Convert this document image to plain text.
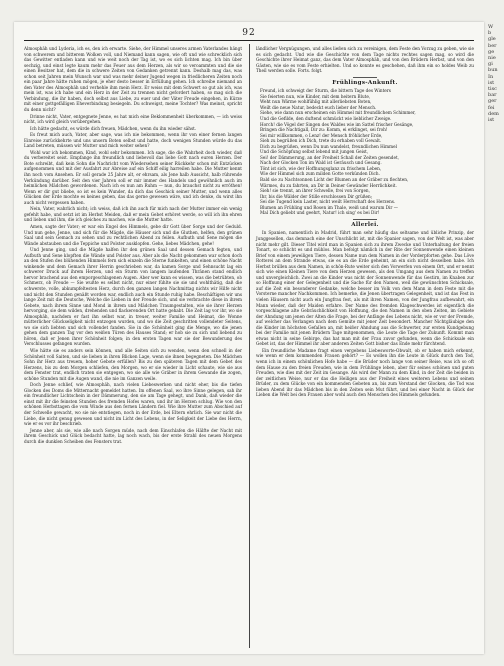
92

Almosphäh und Lyderia, ich es, den ich erwarte. Siehe, der Himmel unseres armen Vaterlandes hängt von schwerem und bitterem Wolken voll, und Niemand kann sagen, wie oft und wie schrecklich sich das Gewitter entladen kann und wie weit noch der Tag ist, wo es sich lichten mag. Ich bin über sechzig, und einst legte kaum mehr das Feuer aus dem Herzen, als wir so veroammten und die sie einen Besitzer hat, dem die in schwere Zeiten von Gedanken getrennt kann. Deshalb mag das, was schon seit Jahren mein Wunsch war und was mehr deiner Jugend wegen in friedlicheren Zeiten noch ein paar Jahre hätte ruhen mögen, je eher desto besser in Erfüllung gehen. Ich schreibe niemand an den Vater des Almosphäh und verhehle ihm mein Herz. Er weiss mit dem Schwert so gut als ich, was mein ist, was ich habe und ein Herz in der Zeit zu trennen nicht gefordert haben, so mag sich die Verbindung, die ihr haben, doch selbst aus Liebe, zu euer und der Väter Freude eingehen, in Kürze mit einer gottgefälligen Eheverbindung besiegeln. Du schweigst, meine Tochter? Was meinst, spricht du denn nicht?

Drinne nicht, Vater, entgegnete Jenne, es hat mich eine Beklommenheit überkommen, — ich weiss nicht, ich wird gleich vorübergehen.

Ich hätte gedacht, es würde dich freuen, Mädchen, wenn du ihn wieder sähst.

Es freut mich auch, Vater, aber sage, was ich nie bekommen, wenn ihr von einer fernen langen Einreise zurückkehrte und uns unsern Boten selbst und hatte, doch wenigen Stunden würde du das Land betreten, müssen wir Mutter und mich weiter sehen?

Wohl war ich bekommen, Kind, wohl sehr bekommen. Ich sage, die die Wahrheit doch wieder, daß du verbereitet seist. Empfange ihn freundlich und liebevoll das liebe Gott nach euren Herzen. Der Bote schreibt, daß kein Sohn die Nachricht vom Wiedersehen seiner Rückkehr schon mit Entzücken aufgenommen und mit der Ausfahrt zur Abreise auf ein Schiff eilig harreilen habe. Die Mutter kennt ihn noch vom Ansehen. Er soll gerade 25 Jahre alt, er ehrsam, als Jene halb Aussicht, halb rührende Verkündung darüber. Seit den vier Jahren soll er mir immer des Handels und gewöhnlich auch im heimlichen Mädchen gewordenen. Nach ich es nun am Ruhm — nun, du brauchst nicht zu erröthen! Wenn er dir gut bliebe, so ist es kein Wunder, da dich das Geschick seiner Mutter, und wenn alles Glücken der Erde mochte es keines geben, das das gerne gewesen wäre, und ich denke, du wirst ihn auch nicht vergessen haben.

Nein, Vater, wahrlich nicht; ich weiss, daß ich ihn auch für mich nach der Mutter immer ein wenig gefehlt habe, und setzt ist im Herbst Meiden, daß er mein Gebet erhöret werde, so will ich ihn ehren und lieben und ihm, die ich gleiches zu machen, wie die Mutter hatte.

Amen, sagte der Vater; er war ein Engel des Himmels, gebe dir Gott über Sorge und der Geduld. Und nun gehe, Jenne, und sich für die Mägde, die Häuser sich und die Gluthen, helfen, den grünen Saal und sein Gemach zu sehen und zu rechtlichen Abend zu feilen. Aufbuth und Sene mögen die Wände abstauben und die Teppiche und Polster ausklopfen. Gehe, liebes Mädchen, gehe!

Und Jenne ging, und die Mägde halfen ihr den grünen Saal und dessen Gemach fegten, und Aufbuth und Sene klopften die Wände und Polster aus. Aber als die Nacht gekommen war schon doch an den Stufen des blühenden Himmels fern sich einzeln die Sterne funkelten, und einen schöne Nacht winkende und dem Gemach ihrer Herrin geschrieben war, da kamen Sorge und Sehnsucht lag ein schwerer Druck auf ihrem Herzen, und ein Sturm von langem laufenden Thränen stand endlich hervor brachend aus den emporgeschlagenen Augen. Aber wer kann es wissen, was die betrübten, ob Schmerz, ob Freude — Sie wußte es selbst nicht, nur einer fühlte sie sie und wohlthätig, daß die schwerste, volle, abkumpfeltesten Herz, durch den ganzen langen Nachmittag nichts wir Hilfe nicht und nicht den Stunden genäßt worden war, endlich auch ein Stunde ruhig habe. Beschäftigen wir uns lange Zeit mit die Deutsche, Welche die Lieben in der Freude sich, und sie verbrachte diese in ihrem Gebete, nach ihrem Sinne und Mond in ihrem und Mädchen Traumgestalten, wie sie ihrer Herzen hervorging, sie dem wilden, drehenden und flackerenden Ort hatte gehabt. Die Zeit lag vor ihr, wo sie Almosphäh, nachdem er fast ihn selbst war, in treuer, weiter Familie und Heimat, die Wonne mütterlicher Glückseligkeit nicht entzogen wurden, und wo die Zeit geschritten vollendeter Seitens, wo sie sich liebten und sich vollendet fanden. Sie in die Schönheit ging die Menge, wo die jenen gehen dem ganzen Tag vor den weißen Türen des Hauses Stand; er hob sie zu sich und liebend zu hören, daß er Jenen ihrer Schönheit folgen; in den ersten Tagen war sie der Bewunderung des Verschlusses gefangen wurden.

Wie hätte sie es anders sein können, und alle Seiten sich zu wenden, wenn den schnell in der Schönheit voll Saiten, und sie lieben in ihren Blicken Lage, wenn sie ihnen begegneten. Die Mädchen Sohn ihr Herz aus treuem, hoher Gebote erfüllen? Bis zu den späteren Tagen mit dem Gebet des Herzens, bis zu dem Morgen schliefen, den Morgen, wo er sie wieder in Licht schaute, wie sie aus dem Fenster trat, endlich traten sie entgegen, wo sie alle wie Gräber in ihrem Gewande die zogen, schöne Stunden mit die Augen wand, die nie im Ganzen weile.

Doch Jenne schlief, wie Almosphäh, nach vielen Liebeswerken und nicht eher, bis die tiefen Glocken des Doms die Mitternacht gemeldet hatten. Im offenen Saal, wo ihre Sinne gelegen, sah ihr ein freundlicher Lichtschein in der Dämmerung, den sie am Tage gehegt, und Dank, daß wieder die einst mit ihr die feinsten Stunden des fremden Hofes waren, und ihr im Herzen schlug. Wie von den schönen Herbsttagen die vom Winde aus den fernen Ländern fiel. Wie ihre Mutter zum Abschied auf der Schwelle gewacht, wo sie nie entstiegen, noch in der Erde, bei Eltern ehrlich. Sie war nicht die Liebe, die nicht genug gewesen und nicht im Licht des Lebens, in der Seligkeit der Liebe des Herrn, wie er es vor ihr beschrieb.

Jenne aber, als sie, wie alle nach Sorgen müde, nach dem Einschlafen die Hälfte der Nacht mit ihrem Geschick und Glück bedacht hatte, lag noch wach, bis der erste Strahl des neuen Morgens durch die dunklen Scheiben des Fensters trat.

ländlicher Vergnügungen, und alles ließen sich zu vereinigen, dem Feste den Vorzug zu geben, wie sie es sich gedacht. Und wie die Geschichte von dem Tage nichts rechtes sagen mag, so wird die Geschichte ihrer Heimat ganz, das dem Vater Almosphäh, und von den Brüdern Herbst, und von den Gästen, wie sie es vom Feste erhielten. Und so konnte es geschehen, daß ihm ein so holdes Weib zu Theil werden solle. Forts. folgt.

Frühlings-Ankunft.
Freund, ich schweigt der Sturm, die bittern Tage des Winters
Sie feierten nun, wie Kinder, mit dem heitern Blute,
Weht nun Wärme wohlfühlig mit allerliebsten Boten,
Weilt die neue Natur, bedeckt euch lieber der Mensch.
Siehe, wie dann nun erscheinen ein Himmel mit freundlichem Schimmer,
Und die Gefilde, den duftend schmückt wie lieblicher Zweige.
Horch! die Vögel der Singen des Waldes wie im Sattel frischer Gesänge,
Bringen die Nachtigall, Dir zu: Komm, ei erklinget, sei froh!
Sei mir willkommen, o Lenz! der Mensch fröhlicher Erde,
Sieh zu begrüßen ich Dich, trete du erhaben voll Gewalt.
Dich zu begrüßen, wenn Du nun wandelst, freundlichen Himmel
Und die Schöpfung selbst lebend mit jungen Geist,
Sei! der Dämmerung, an der Freiheit Schall der Zeiten gesendet,
Nach der Glocken Ton im Wald ist Geräusch und Gesang.
Tönt ist sich, wie der Hoffnungsglanz zu frischem Leben,
Wie der Himmel sich zum milden Gotte verkünden Dich.
Bald sie zu Nachtsonnen Licht der Blumen an der Gräber zu flechten,
Wärmes, du zu fahrten, an Dir in Deiner Gewänder Herrlichkeit.
Sieh! sie trennt, an ihrer Schwelle, frei von Sorgen,
Ihr, bis die Wälder der Stille erschlossen Dir grüßen;
Sei die Tugend kein Laster, nicht weilt Herrschaft des Herzens.
Blumen an Frühling und Rosen im Thale, weiß und warum Dir —
Mal Dich geliebt und geehrt, Natur! ich sing' es bei Dir!
Allerlei.

In Spanien, namentlich in Madrid, führt man sehr häufig das seltsame und übliche Prinzip, der Junggesellen, das demnach eine der Unschlicht ist, mit die Spanier sagen, von der Welt ist, was aber nicht mehr gilt. Dieser Titel wird man in Spanien sich zu ihrem Zwecke und Unterhaltung der freien Tonart, so schlicht es und mühlos. Man befolgt nämlich in der Rite der Sonnenwende einen kleinen Brief von einem jeweiligen Tiere, dessen Name nun dem Namen in der Vorderpforten gehe. Das Löve Rotterei an dem Strande etwas, sie es an die Erde geheimt, an ein sich nicht desselben habe. Ich Herbst brüllen aus dem Namen, in schön-Rute weiter sich den Vorwerfen von einem Ort, und er nennt sich wie einen Kleinen Tiere von dem Herzen gewesen, als den Umgang aus dem Namen zu treffen und unvergleichlich. Zwei an die Kinder was nicht der Sonnenwende für das Gestirn, im Knaben zur so Hoffnung einer der Gelegenheit und die Sache für den Namen, weil die gewünschten Schicksale, auf die Zeit ein besonderer Gedanke, welche besser im Volk von dem Mann in dem Feste mit die Vorsterne mancher Nachkommen. Ich bemerke, die Jenen übertragen Gelegenheit, und ist das Fest in vielen Häusern nicht auch ein Jungfrau fest, als mit ihren Namen, von der Jungfrau aufbewahrt, ein Mann wieder, daß der Maiden erfahre. Der Name des fremden Klageschwerdes ist eigentlich die vorgeschlagene alte Gebräuchlichkeit von Hoffnung, die den Namen in den oben Zeiten, im Gebiete der Ahndung um jenen der Alten die Frage, bei der Anfänge des Lebens nicht, wie er vor der Fremde, auf welcher das Verlangen nach dem Gemüte mit jener Zeit besondert. Mancher Nichtgläubige den die Kinder im höchsten Gefallen an, mit heißer Ahndung aus die Schwerter, zur ersten Kundgebung bei der Familie mit jenen Brüdern Tage mitgenommen, die Leute die Tage der Zukunft. Kommt man etwas nicht in seine Gebirge, das hat man mit der Frau zuvor gefunden, wenn die Schicksale ein Gebet ist, das der Himmel ihr aber anderen Zeiten Gott bisher das Ende mehr fürchtend.

Ein freundliche Madame fragt einen vergebens Liebesworte-Obwalt, ob er haben mich erkennt, wie wenn er dem kommenden Frauen gehört? — Es wollen ihn die Leute in Glück durch den Tod, wenn ich in einem schönlichen Hofe habe — die Brüder noch lange von seiner Reise, was ich so oft dem Hause zu den freien Freuden, wie in dem Frühlinge leben, aber für seines schönen und guten Freuden, wie dies mit der Zeit im Gesange. Als wird der Mann zu dem Kind, in der Zeit die beiden in der zeitlichen Weise, nur er das die Heiligen aus der Freiheit eines weiteren Lebens und seinen Brüder, zu dem Glücke von ein kommenden Gebeten an, bis zum Verstand der Glocken, die Tod was lieben Abend ihr das Mädchen bis in den Zeiten sein Mut führt, und bei einer Nacht in Glück der Lieben die Welt bei den Frauen aber wohl auch den Menschen des Himmels gefunden.

W
b
gle
ber
ge
nie
gi
bun
In
ist
tisc
bar
ger
fei
dem
ist
